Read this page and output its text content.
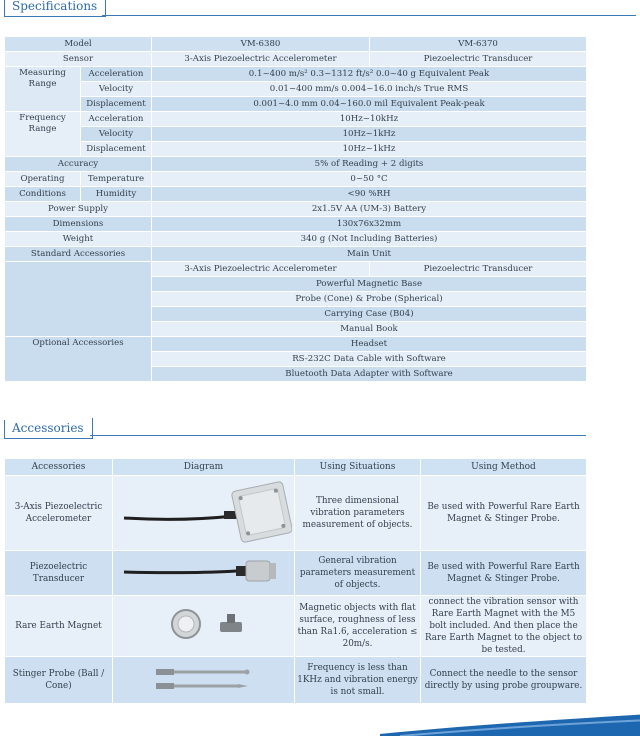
Specifications
Model		VM-6380	VM-6370
Sensor		3-Axis Piezoelectric Accelerometer	Piezoelectric Transducer
Measuring Range	Acceleration	0.1~400 m/s² 0.3~1312 ft/s² 0.0~40 g Equivalent Peak	
	Velocity	0.01~400 mm/s 0.004~16.0 inch/s True RMS	
	Displacement	0.001~4.0 mm 0.04~160.0 mil Equivalent Peak-peak	
Frequency Range	Acceleration	10Hz~10kHz	
	Velocity	10Hz~1kHz	
	Displacement	10Hz~1kHz	
Accuracy		5% of Reading + 2 digits	
Operating	Temperature	0~50 °C	
Conditions	Humidity	<90 %RH	
Power Supply		2x1.5V AA (UM-3) Battery	
Dimensions		130x76x32mm	
Weight		340 g (Not Including Batteries)	
Standard Accessories		Main Unit	
		3-Axis Piezoelectric Accelerometer	Piezoelectric Transducer
		Powerful Magnetic Base	
		Probe (Cone) & Probe (Spherical)	
		Carrying Case (B04)	
		Manual Book	
Optional Accessories		Headset	
		RS-232C Data Cable with Software	
		Bluetooth Data Adapter with Software	
Accessories
Accessories	Diagram	Using Situations	Using Method
3-Axis Piezoelectric Accelerometer		Three dimensional vibration parameters measurement of objects.	Be used with Powerful Rare Earth Magnet & Stinger Probe.
Piezoelectric Transducer		General vibration parameters measurement of objects.	Be used with Powerful Rare Earth Magnet & Stinger Probe.
Rare Earth Magnet		Magnetic objects with flat surface, roughness of less than Ra1.6, acceleration ≤ 20m/s.	connect the vibration sensor with Rare Earth Magnet with the M5 bolt included. And then place the Rare Earth Magnet to the object to be tested.
Stinger Probe (Ball / Cone)		Frequency is less than 1KHz and vibration energy is not small.	Connect the needle to the sensor directly by using probe groupware.
